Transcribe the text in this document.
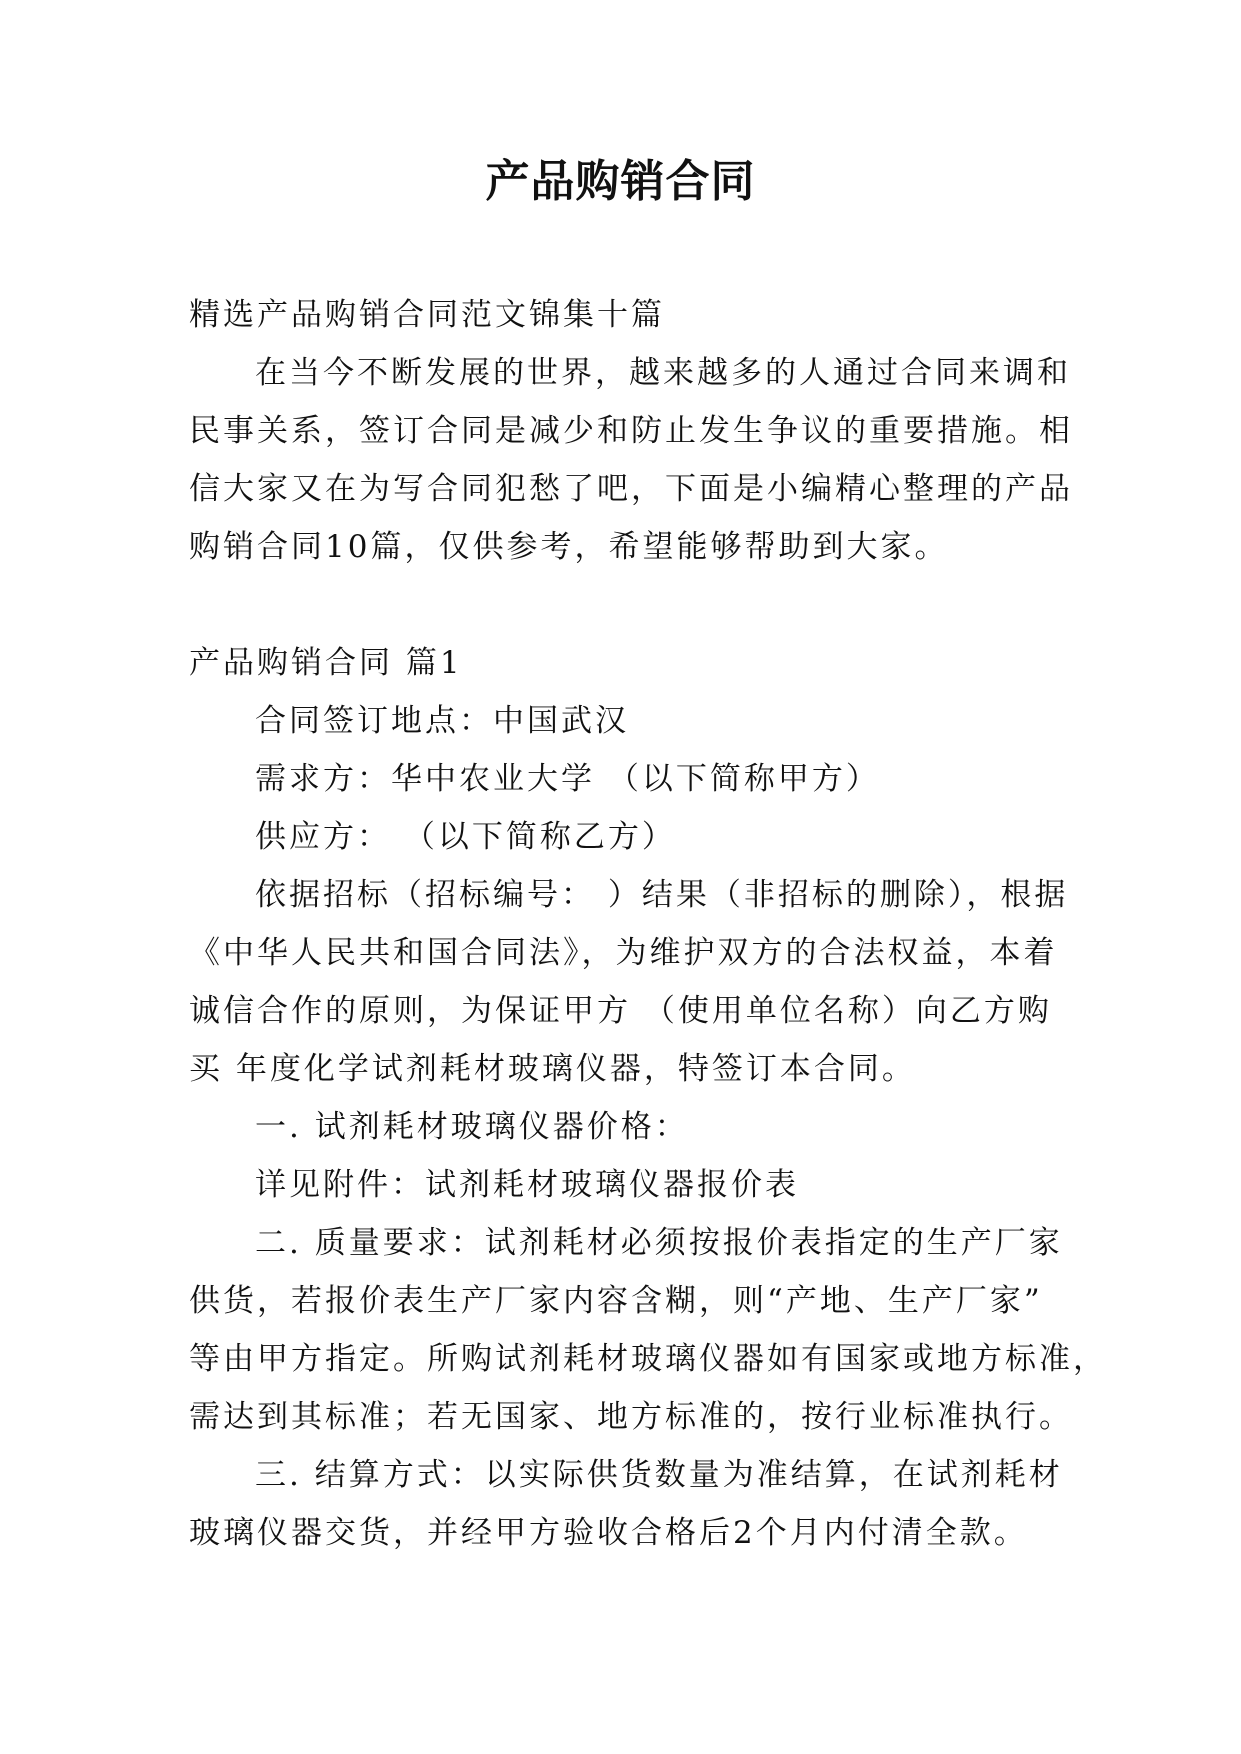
产品购销合同
精选产品购销合同范文锦集十篇
在当今不断发展的世界，越来越多的人通过合同来调和
民事关系，签订合同是减少和防止发生争议的重要措施。相
信大家又在为写合同犯愁了吧，下面是小编精心整理的产品
购销合同10篇，仅供参考，希望能够帮助到大家。
产品购销合同 篇1
合同签订地点：中国武汉
需求方：华中农业大学 （以下简称甲方）
供应方： （以下简称乙方）
依据招标（招标编号： ）结果（非招标的删除），根据
《中华人民共和国合同法》，为维护双方的合法权益，本着
诚信合作的原则，为保证甲方 （使用单位名称）向乙方购
买 年度化学试剂耗材玻璃仪器，特签订本合同。
一. 试剂耗材玻璃仪器价格：
详见附件：试剂耗材玻璃仪器报价表
二. 质量要求：试剂耗材必须按报价表指定的生产厂家
供货，若报价表生产厂家内容含糊，则“产地、生产厂家”
等由甲方指定。所购试剂耗材玻璃仪器如有国家或地方标准，
需达到其标准；若无国家、地方标准的，按行业标准执行。
三. 结算方式：以实际供货数量为准结算，在试剂耗材
玻璃仪器交货，并经甲方验收合格后2个月内付清全款。
